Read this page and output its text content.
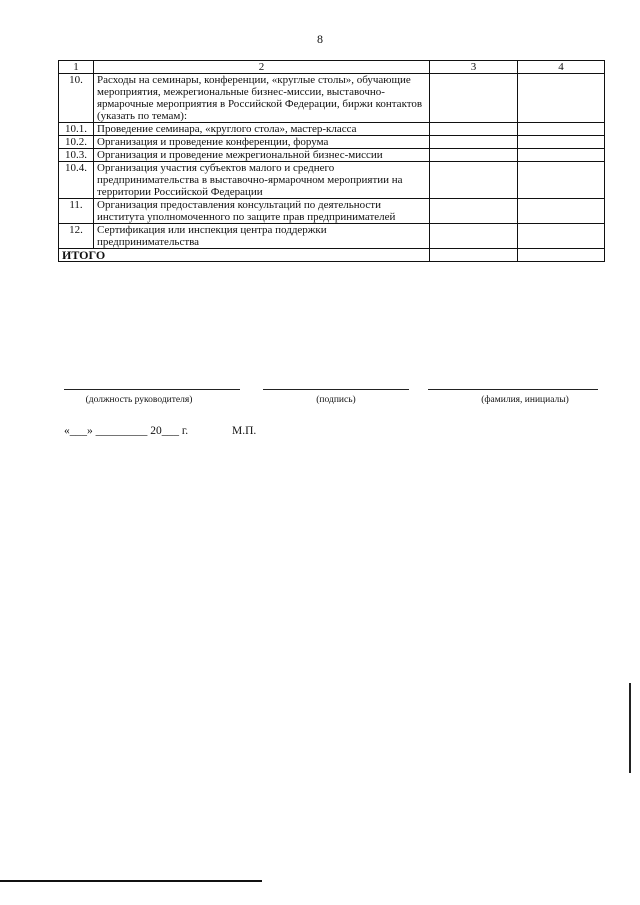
8
1	2	3	4
10.	Расходы на семинары, конференции, «круглые столы», обучающие мероприятия, межрегиональные бизнес-миссии, выставочно-ярмарочные мероприятия в Российской Федерации, биржи контактов (указать по темам):		
10.1.	Проведение семинара, «круглого стола», мастер-класса		
10.2.	Организация и проведение конференции, форума		
10.3.	Организация и проведение межрегиональной бизнес-миссии		
10.4.	Организация участия субъектов малого и среднего предпринимательства в выставочно-ярмарочном мероприятии на территории Российской Федерации		
11.	Организация предоставления консультаций по деятельности института уполномоченного по защите прав предпринимателей		
12.	Сертификация или инспекция центра поддержки предпринимательства		
ИТОГО			
(должность руководителя)	(подпись)	(фамилия, инициалы)
«___» _________ 20___ г.	М.П.
